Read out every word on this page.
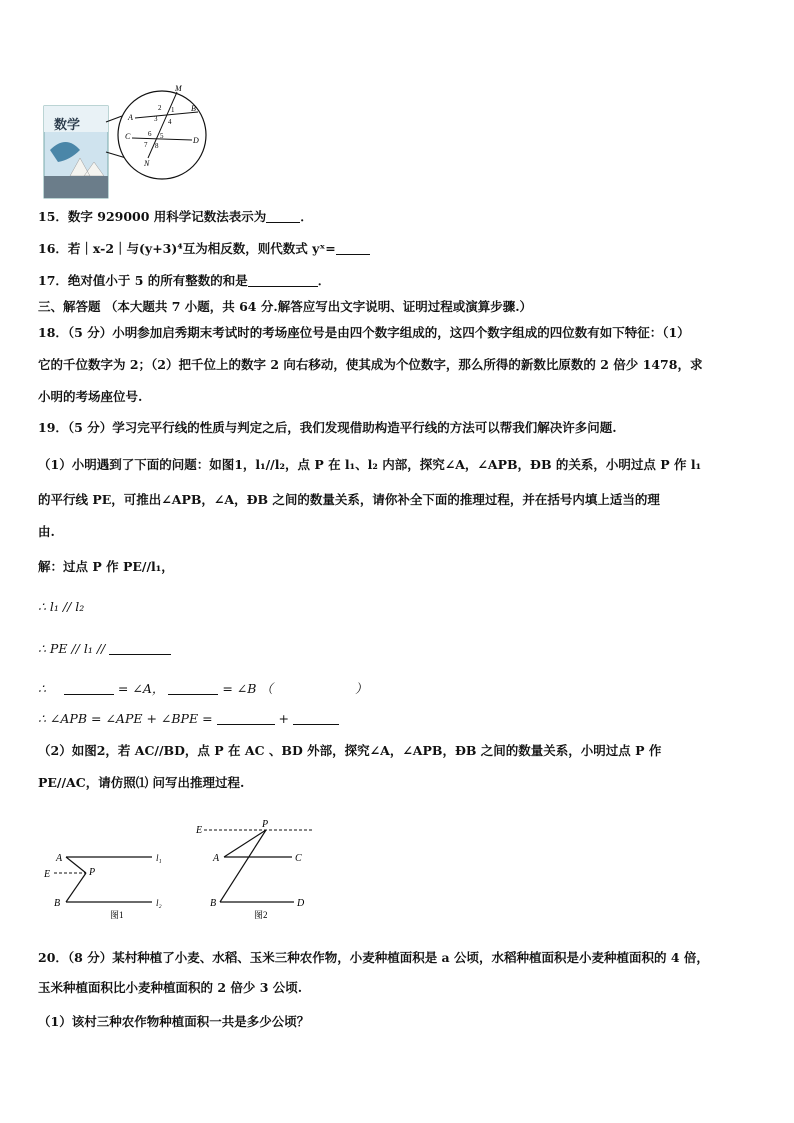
数学
M
N
A
B
C	D
2 1
3 4
6 5
7 8
15．数字 929000 用科学记数法表示为	．
16．若｜x-2｜与(y+3)⁴互为相反数，则代数式 yˣ=
17．绝对值小于 5 的所有整数的和是	．
三、解答题 （本大题共 7 小题，共 64 分.解答应写出文字说明、证明过程或演算步骤.）
18．（5 分）小明参加启秀期末考试时的考场座位号是由四个数字组成的，这四个数字组成的四位数有如下特征：（1）
它的千位数字为 2；（2）把千位上的数字 2 向右移动，使其成为个位数字，那么所得的新数比原数的 2 倍少 1478，求
小明的考场座位号.
19．（5 分）学习完平行线的性质与判定之后，我们发现借助构造平行线的方法可以帮我们解决许多问题.
（1）小明遇到了下面的问题：如图1，l₁//l₂，点 P 在 l₁、l₂ 内部，探究∠A，∠APB，ÐB 的关系，小明过点 P 作 l₁
的平行线 PE，可推出∠APB，∠A，ÐB 之间的数量关系，请你补全下面的推理过程，并在括号内填上适当的理
由.
解：过点 P 作 PE//l₁，
∴ l₁ // l₂
∴ PE // l₁ //
∴	= ∠A，	= ∠B （	）
∴ ∠APB = ∠APE + ∠BPE =	+
（2）如图2，若 AC//BD，点 P 在 AC 、BD 外部，探究∠A，∠APB，ÐB 之间的数量关系，小明过点 P 作
PE//AC，请仿照⑴ 问写出推理过程.
A
E	P
B
l₁
l₂
图1
E
P
A	C
B	D
图2
20．（8 分）某村种植了小麦、水稻、玉米三种农作物，小麦种植面积是 a 公顷，水稻种植面积是小麦种植面积的 4 倍，
玉米种植面积比小麦种植面积的 2 倍少 3 公顷.
（1）该村三种农作物种植面积一共是多少公顷？
